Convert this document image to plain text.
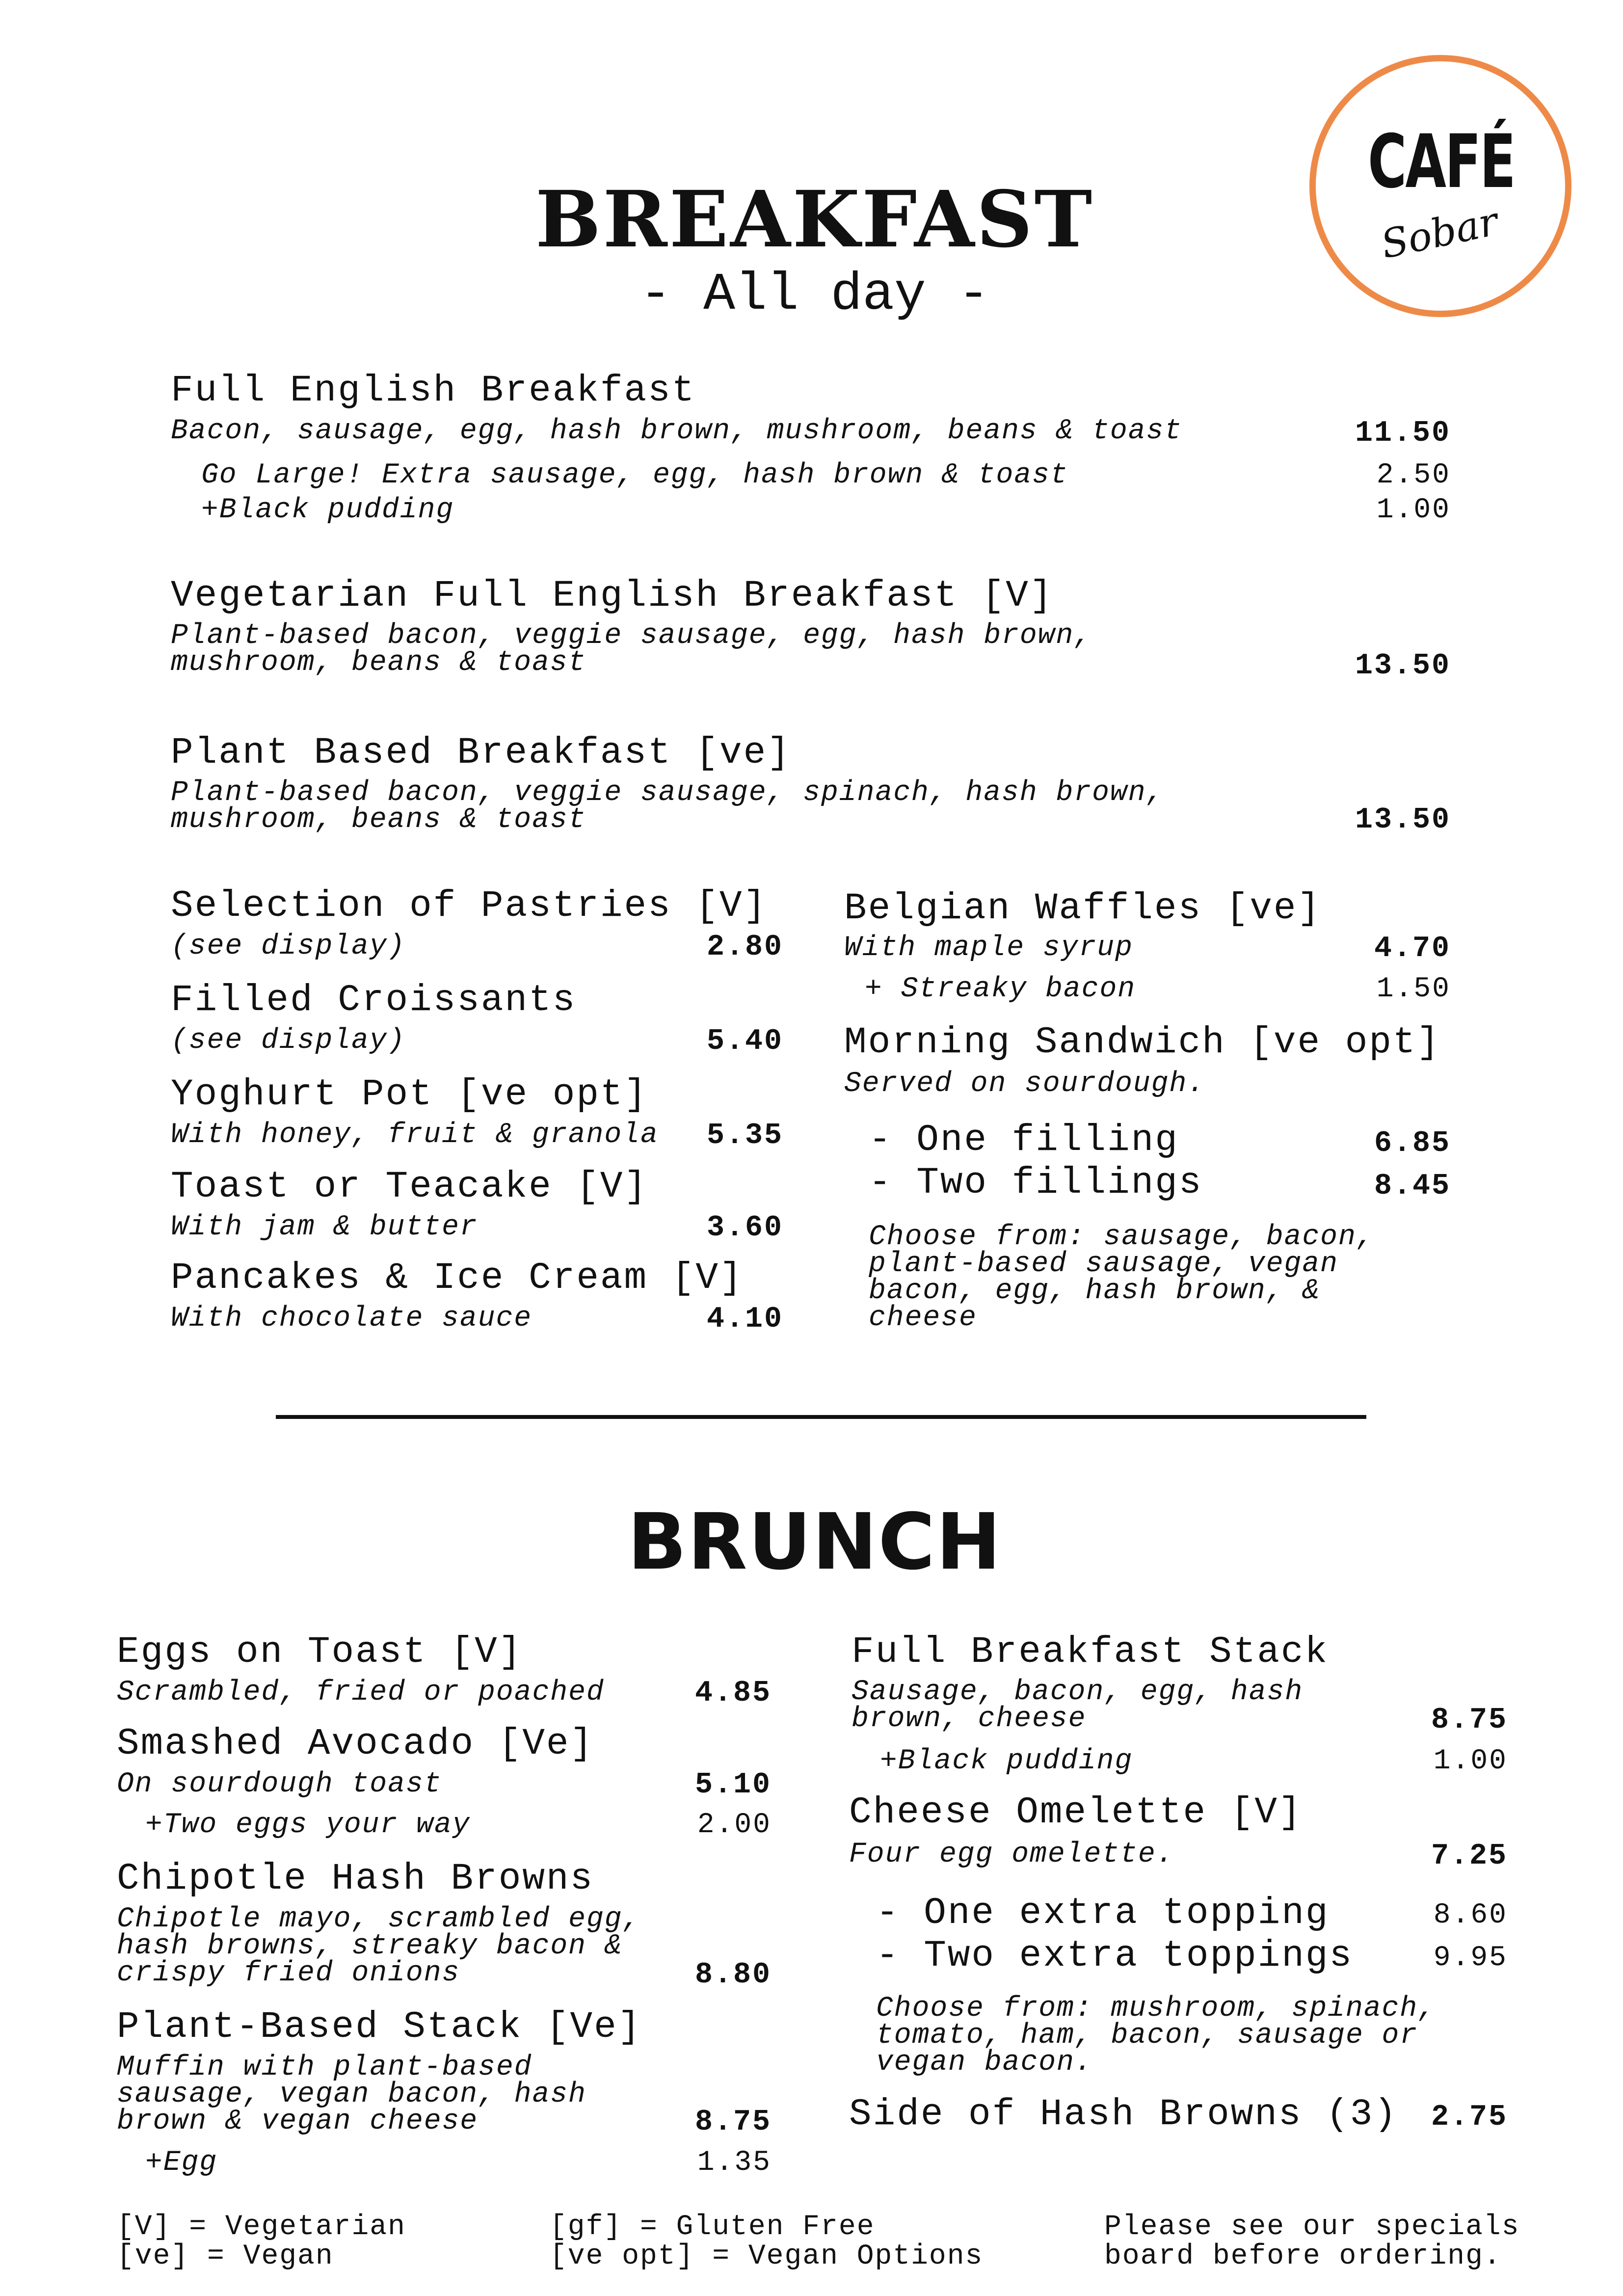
CAFÉ
Sobar
BREAKFAST
- All day -
Full English Breakfast
Bacon, sausage, egg, hash brown, mushroom, beans & toast	11.50
Go Large! Extra sausage, egg, hash brown & toast	2.50
+Black pudding	1.00
Vegetarian Full English Breakfast [V]
Plant-based bacon, veggie sausage, egg, hash brown, mushroom, beans & toast	13.50
Plant Based Breakfast [ve]
Plant-based bacon, veggie sausage, spinach, hash brown, mushroom, beans & toast	13.50
Selection of Pastries [V]
(see display)	2.80
Filled Croissants
(see display)	5.40
Yoghurt Pot [ve opt]
With honey, fruit & granola	5.35
Toast or Teacake [V]
With jam & butter	3.60
Pancakes & Ice Cream [V]
With chocolate sauce	4.10
Belgian Waffles [ve]
With maple syrup	4.70
+ Streaky bacon	1.50
Morning Sandwich [ve opt]
Served on sourdough.
- One filling	6.85
- Two fillings	8.45
Choose from: sausage, bacon, plant-based sausage, vegan bacon, egg, hash brown, & cheese
BRUNCH
Eggs on Toast [V]
Scrambled, fried or poached	4.85
Smashed Avocado [Ve]
On sourdough toast	5.10
+Two eggs your way	2.00
Chipotle Hash Browns
Chipotle mayo, scrambled egg, hash browns, streaky bacon & crispy fried onions	8.80
Plant-Based Stack [Ve]
Muffin with plant-based sausage, vegan bacon, hash brown & vegan cheese	8.75
+Egg	1.35
Full Breakfast Stack
Sausage, bacon, egg, hash brown, cheese	8.75
+Black pudding	1.00
Cheese Omelette [V]
Four egg omelette.	7.25
- One extra topping	8.60
- Two extra toppings	9.95
Choose from: mushroom, spinach, tomato, ham, bacon, sausage or vegan bacon.
Side of Hash Browns (3)	2.75
[V] = Vegetarian
[ve] = Vegan
[gf] = Gluten Free
[ve opt] = Vegan Options
Please see our specials
board before ordering.
